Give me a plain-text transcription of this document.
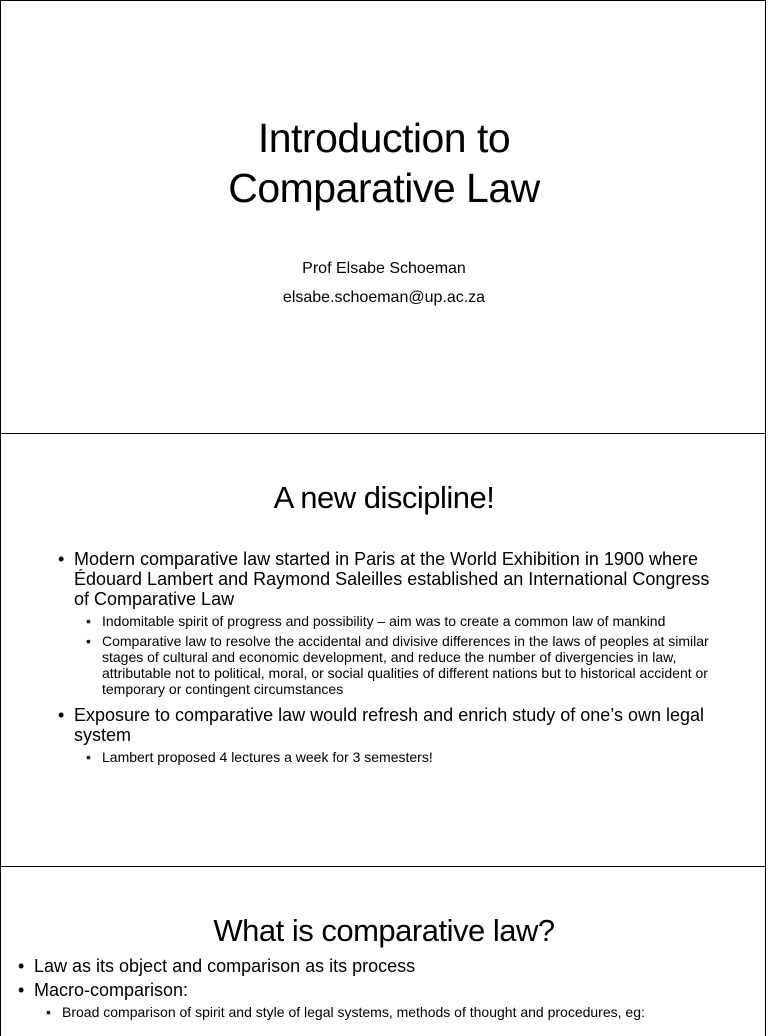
Introduction to Comparative Law
Prof Elsabe Schoeman
elsabe.schoeman@up.ac.za
A new discipline!
• Modern comparative law started in Paris at the World Exhibition in 1900 where Édouard Lambert and Raymond Saleilles established an International Congress of Comparative Law
• Indomitable spirit of progress and possibility – aim was to create a common law of mankind
• Comparative law to resolve the accidental and divisive differences in the laws of peoples at similar stages of cultural and economic development, and reduce the number of divergencies in law, attributable not to political, moral, or social qualities of different nations but to historical accident or temporary or contingent circumstances
• Exposure to comparative law would refresh and enrich study of one’s own legal system
• Lambert proposed 4 lectures a week for 3 semesters!
What is comparative law?
• Law as its object and comparison as its process
• Macro-comparison:
• Broad comparison of spirit and style of legal systems, methods of thought and procedures, eg:
